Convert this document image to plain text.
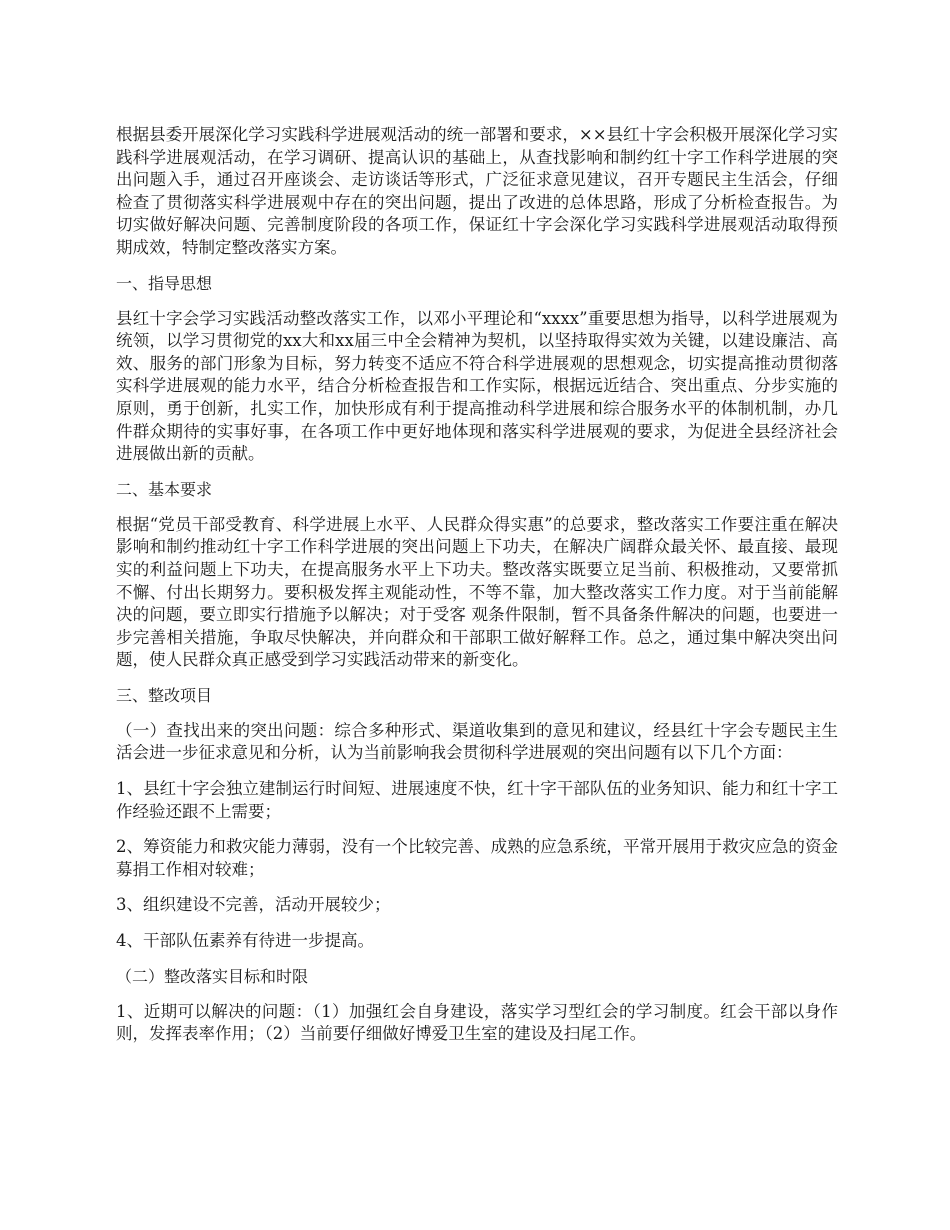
根据县委开展深化学习实践科学进展观活动的统一部署和要求，××县红十字会积极开展深化学习实践科学进展观活动，在学习调研、提高认识的基础上，从查找影响和制约红十字工作科学进展的突出问题入手，通过召开座谈会、走访谈话等形式，广泛征求意见建议，召开专题民主生活会，仔细检查了贯彻落实科学进展观中存在的突出问题，提出了改进的总体思路，形成了分析检查报告。为切实做好解决问题、完善制度阶段的各项工作，保证红十字会深化学习实践科学进展观活动取得预期成效，特制定整改落实方案。

一、指导思想

县红十字会学习实践活动整改落实工作，以邓小平理论和“xxxx”重要思想为指导，以科学进展观为统领，以学习贯彻党的xx大和xx届三中全会精神为契机，以坚持取得实效为关键，以建设廉洁、高效、服务的部门形象为目标，努力转变不适应不符合科学进展观的思想观念，切实提高推动贯彻落实科学进展观的能力水平，结合分析检查报告和工作实际，根据远近结合、突出重点、分步实施的原则，勇于创新，扎实工作，加快形成有利于提高推动科学进展和综合服务水平的体制机制，办几件群众期待的实事好事，在各项工作中更好地体现和落实科学进展观的要求，为促进全县经济社会进展做出新的贡献。

二、基本要求

根据“党员干部受教育、科学进展上水平、人民群众得实惠”的总要求，整改落实工作要注重在解决影响和制约推动红十字工作科学进展的突出问题上下功夫，在解决广阔群众最关怀、最直接、最现实的利益问题上下功夫，在提高服务水平上下功夫。整改落实既要立足当前、积极推动，又要常抓不懈、付出长期努力。要积极发挥主观能动性，不等不靠，加大整改落实工作力度。对于当前能解决的问题，要立即实行措施予以解决；对于受客 观条件限制，暂不具备条件解决的问题，也要进一步完善相关措施，争取尽快解决，并向群众和干部职工做好解释工作。总之，通过集中解决突出问题，使人民群众真正感受到学习实践活动带来的新变化。

三、整改项目

（一）查找出来的突出问题：综合多种形式、渠道收集到的意见和建议，经县红十字会专题民主生活会进一步征求意见和分析，认为当前影响我会贯彻科学进展观的突出问题有以下几个方面：

1、县红十字会独立建制运行时间短、进展速度不快，红十字干部队伍的业务知识、能力和红十字工作经验还跟不上需要；

2、筹资能力和救灾能力薄弱，没有一个比较完善、成熟的应急系统，平常开展用于救灾应急的资金募捐工作相对较难；

3、组织建设不完善，活动开展较少；

4、干部队伍素养有待进一步提高。

（二）整改落实目标和时限

1、近期可以解决的问题：（1）加强红会自身建设，落实学习型红会的学习制度。红会干部以身作则，发挥表率作用；（2）当前要仔细做好博爱卫生室的建设及扫尾工作。
